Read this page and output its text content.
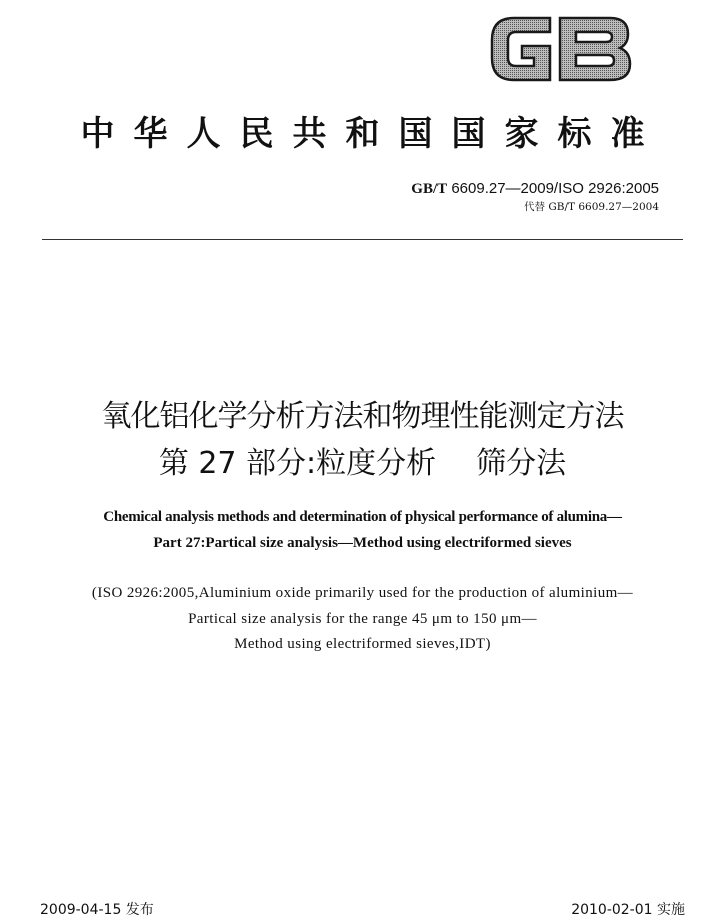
中华人民共和国国家标准
GB/T 6609.27—2009/ISO 2926:2005
代替 GB/T 6609.27—2004
氧化铝化学分析方法和物理性能测定方法
第 27 部分:粒度分析 筛分法
Chemical analysis methods and determination of physical performance of alumina—
Part 27:Partical size analysis—Method using electriformed sieves
(ISO 2926:2005,Aluminium oxide primarily used for the production of aluminium—
Partical size analysis for the range 45 μm to 150 μm—
Method using electriformed sieves,IDT)
2009-04-15 发布	2010-02-01 实施
